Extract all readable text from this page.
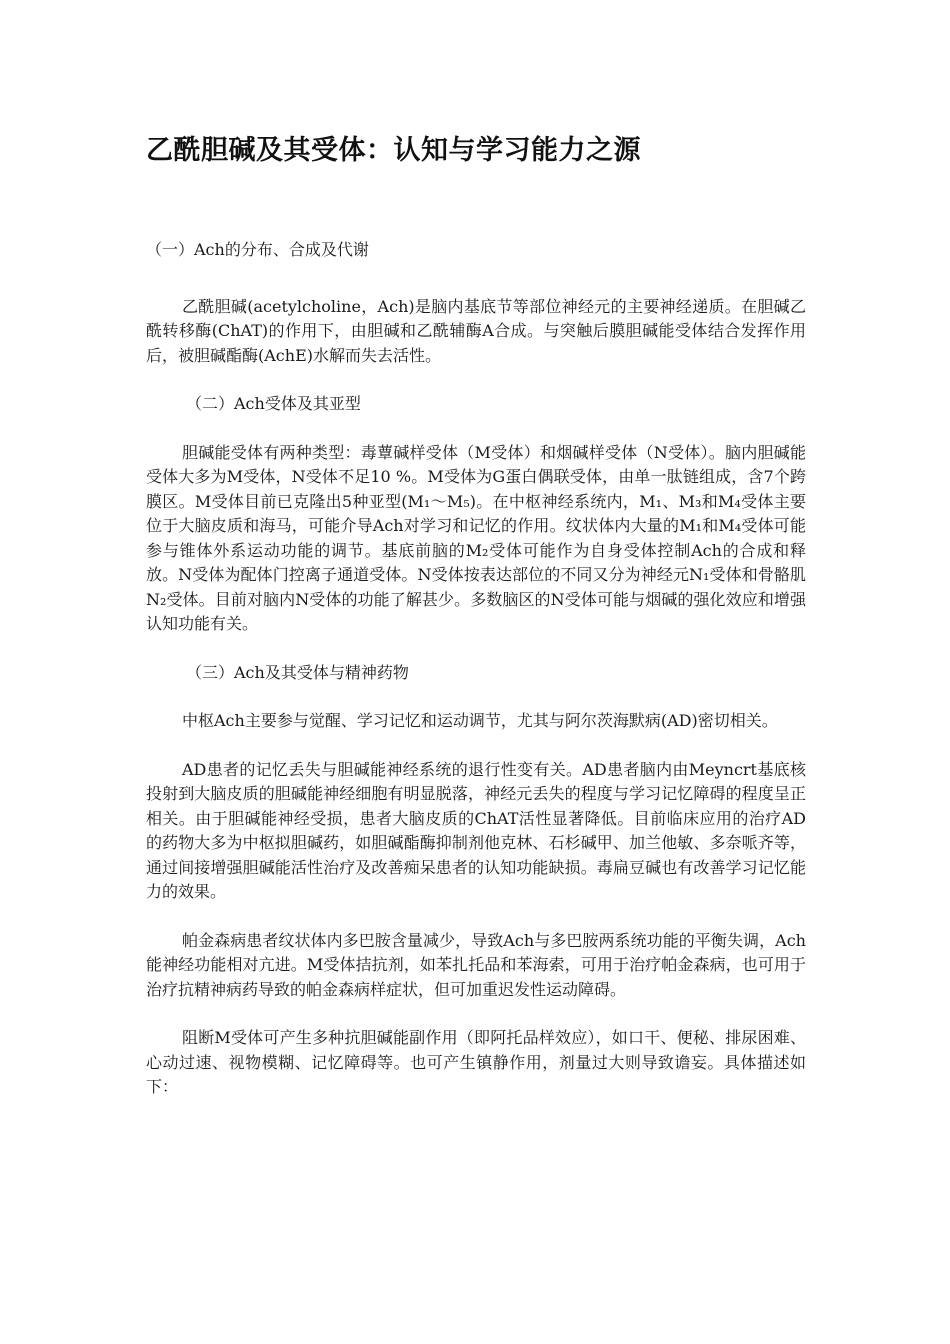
乙酰胆碱及其受体：认知与学习能力之源

（一）Ach的分布、合成及代谢

乙酰胆碱(acetylcholine，Ach)是脑内基底节等部位神经元的主要神经递质。在胆碱乙酰转移酶(ChAT)的作用下，由胆碱和乙酰辅酶A合成。与突触后膜胆碱能受体结合发挥作用后，被胆碱酯酶(AchE)水解而失去活性。

（二）Ach受体及其亚型

胆碱能受体有两种类型：毒蕈碱样受体（M受体）和烟碱样受体（N受体）。脑内胆碱能受体大多为M受体，N受体不足10 %。M受体为G蛋白偶联受体，由单一肽链组成，含7个跨膜区。M受体目前已克隆出5种亚型(M₁～M₅)。在中枢神经系统内，M₁、M₃和M₄受体主要位于大脑皮质和海马，可能介导Ach对学习和记忆的作用。纹状体内大量的M₁和M₄受体可能参与锥体外系运动功能的调节。基底前脑的M₂受体可能作为自身受体控制Ach的合成和释放。N受体为配体门控离子通道受体。N受体按表达部位的不同又分为神经元N₁受体和骨骼肌N₂受体。目前对脑内N受体的功能了解甚少。多数脑区的N受体可能与烟碱的强化效应和增强认知功能有关。

（三）Ach及其受体与精神药物

中枢Ach主要参与觉醒、学习记忆和运动调节，尤其与阿尔茨海默病(AD)密切相关。

AD患者的记忆丢失与胆碱能神经系统的退行性变有关。AD患者脑内由Meyncrt基底核投射到大脑皮质的胆碱能神经细胞有明显脱落，神经元丢失的程度与学习记忆障碍的程度呈正相关。由于胆碱能神经受损，患者大脑皮质的ChAT活性显著降低。目前临床应用的治疗AD的药物大多为中枢拟胆碱药，如胆碱酯酶抑制剂他克林、石杉碱甲、加兰他敏、多奈哌齐等，通过间接增强胆碱能活性治疗及改善痴呆患者的认知功能缺损。毒扁豆碱也有改善学习记忆能力的效果。

帕金森病患者纹状体内多巴胺含量减少，导致Ach与多巴胺两系统功能的平衡失调，Ach能神经功能相对亢进。M受体拮抗剂，如苯扎托品和苯海索，可用于治疗帕金森病，也可用于治疗抗精神病药导致的帕金森病样症状，但可加重迟发性运动障碍。

阻断M受体可产生多种抗胆碱能副作用（即阿托品样效应），如口干、便秘、排尿困难、心动过速、视物模糊、记忆障碍等。也可产生镇静作用，剂量过大则导致谵妄。具体描述如下：
